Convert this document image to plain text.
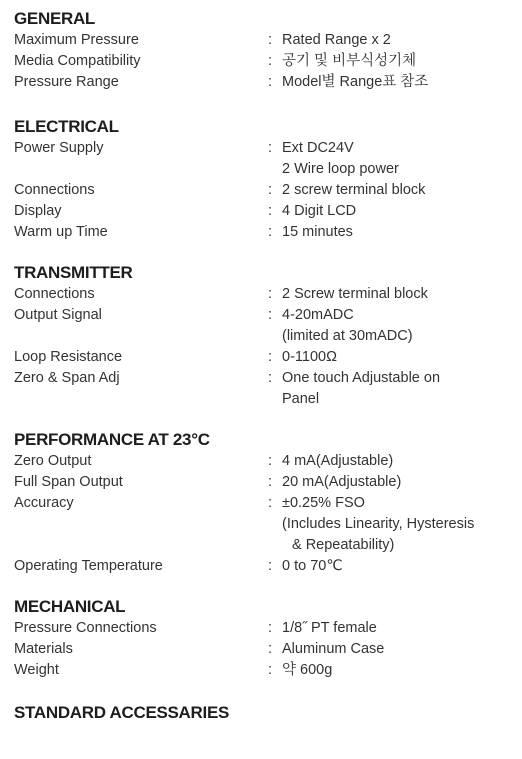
GENERAL
Maximum Pressure	: Rated Range x 2
Media Compatibility	: 공기 및 비부식성기체
Pressure Range	: Model별 Range표 참조
ELECTRICAL
Power Supply	: Ext DC24V
2 Wire loop power
Connections	: 2 screw terminal block
Display	: 4 Digit LCD
Warm up Time	: 15 minutes
TRANSMITTER
Connections	: 2 Screw terminal block
Output Signal	: 4-20mADC
(limited at 30mADC)
Loop Resistance	: 0-1100Ω
Zero & Span Adj	: One touch Adjustable on
Panel
PERFORMANCE AT 23°C
Zero Output	: 4 mA(Adjustable)
Full Span Output	: 20 mA(Adjustable)
Accuracy	: ±0.25% FSO
(Includes Linearity, Hysteresis
& Repeatability)
Operating Temperature	: 0 to 70℃
MECHANICAL
Pressure Connections	: 1/8˝ PT female
Materials	: Aluminum Case
Weight	: 약 600g
STANDARD ACCESSARIES
